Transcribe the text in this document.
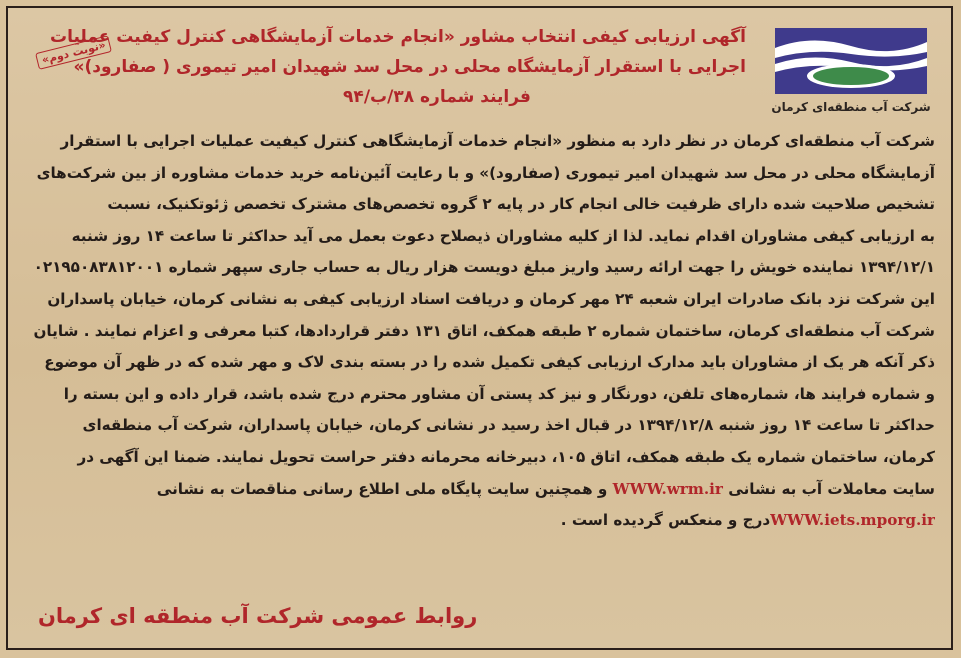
«نوبت دوم»
آگهی ارزیابی کیفی انتخاب مشاور «انجام خدمات آزمایشگاهی کنترل کیفیت عملیات
اجرایی با استقرار آزمایشگاه محلی در محل سد شهیدان امیر تیموری ( صفارود)»
فرایند شماره ۳۸/ب/۹۴	شرکت آب منطقه‌ای کرمان
شرکت آب منطقه‌ای کرمان در نظر دارد به منظور «انجام خدمات آزمایشگاهی کنترل کیفیت عملیات اجرایی با استقرار
آزمایشگاه محلی در محل سد شهیدان امیر تیموری (صفارود)» و با رعایت آئین‌نامه خرید خدمات مشاوره از بین شرکت‌های
تشخیص صلاحیت شده دارای ظرفیت خالی انجام کار در پایه ۲ گروه تخصص‌های مشترک تخصص ژئوتکنیک، نسبت
به ارزیابی کیفی مشاوران اقدام نماید. لذا از کلیه مشاوران ذیصلاح دعوت بعمل می آید حداکثر تا ساعت ۱۴ روز شنبه
۱۳۹۴/۱۲/۱ نماینده خویش را جهت ارائه رسید واریز مبلغ دویست هزار ریال به حساب جاری سپهر شماره ۰۲۱۹۵۰۸۳۸۱۲۰۰۱
این شرکت نزد بانک صادرات ایران شعبه ۲۴ مهر کرمان و دریافت اسناد ارزیابی کیفی به نشانی کرمان، خیابان پاسداران
شرکت آب منطقه‌ای کرمان، ساختمان شماره ۲ طبقه همکف، اتاق ۱۳۱ دفتر قراردادها، کتبا معرفی و اعزام نمایند . شایان
ذکر آنکه هر یک از مشاوران باید مدارک ارزیابی کیفی تکمیل شده را در بسته بندی لاک و مهر شده که در ظهر آن موضوع
و شماره فرایند ها، شماره‌های تلفن، دورنگار و نیز کد پستی آن مشاور محترم درج شده باشد، قرار داده و این بسته را
حداکثر تا ساعت ۱۴ روز شنبه ۱۳۹۴/۱۲/۸ در قبال اخذ رسید در نشانی کرمان، خیابان پاسداران، شرکت آب منطقه‌ای
کرمان، ساختمان شماره یک طبقه همکف، اتاق ۱۰۵، دبیرخانه محرمانه دفتر حراست تحویل نمایند. ضمنا این آگهی در
سایت معاملات آب به نشانی WWW.wrm.ir و همچنین سایت پایگاه ملی اطلاع رسانی مناقصات به نشانی
WWW.iets.mporg.irدرج و منعکس گردیده است .
روابط عمومی شرکت آب منطقه ای کرمان
